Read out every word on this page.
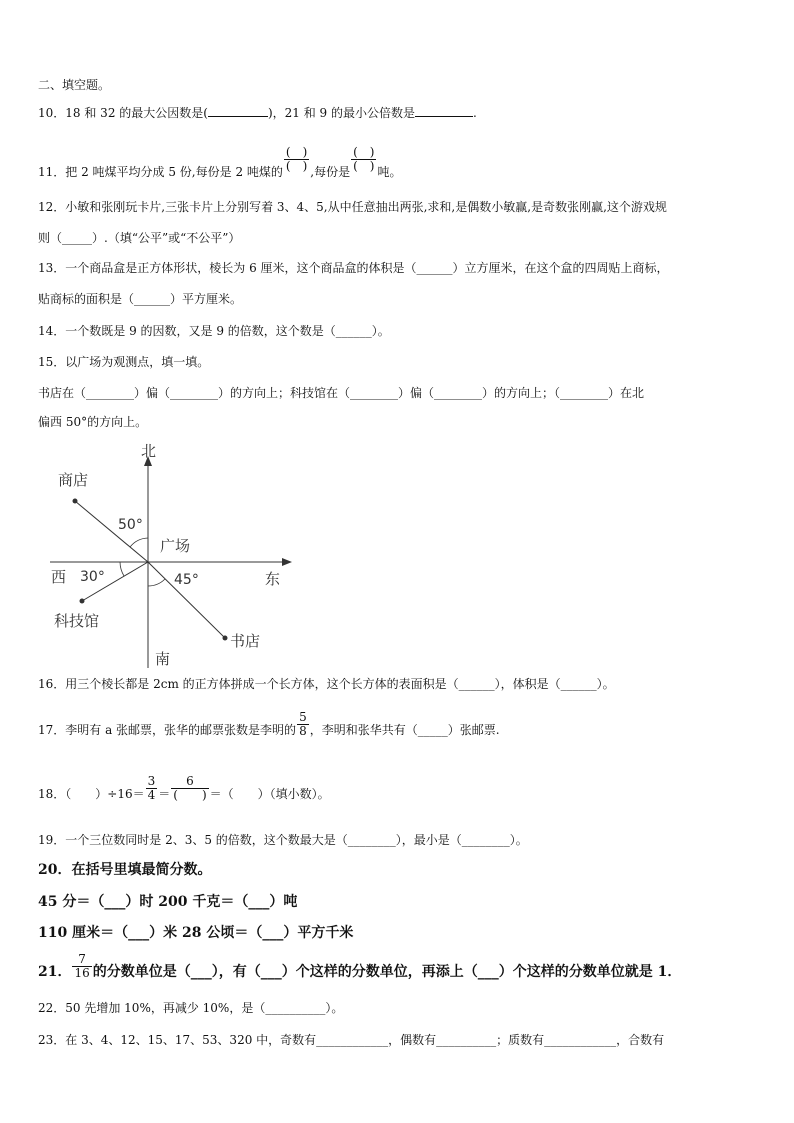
二、填空题。
10．18 和 32 的最大公因数是(	)，21 和 9 的最小公倍数是	.
11．把 2 吨煤平均分成 5 份,每份是 2 吨煤的 $\frac{( )}{( )}$ ,每份是 $\frac{( )}{( )}$ 吨。
12．小敏和张刚玩卡片,三张卡片上分别写着 3、4、5,从中任意抽出两张,求和,是偶数小敏赢,是奇数张刚赢,这个游戏规
则（_____）.（填“公平”或“不公平”）
13．一个商品盒是正方体形状，棱长为 6 厘米，这个商品盒的体积是（______）立方厘米，在这个盒的四周贴上商标，
贴商标的面积是（______）平方厘米。
14．一个数既是 9 的因数，又是 9 的倍数，这个数是（______）。
15．以广场为观测点，填一填。
书店在（________）偏（________）的方向上；科技馆在（________）偏（________）的方向上；（________）在北
偏西 50°的方向上。
北
南
东
西
广场
商店
科技馆
书店
50°
30°	45°
16．用三个棱长都是 2cm 的正方体拼成一个长方体，这个长方体的表面积是（______），体积是（______）。
17．李明有 a 张邮票，张华的邮票张数是李明的 $\frac{5}{8}$ ，李明和张华共有（_____）张邮票.
18．（　　）$\div 16= \frac{3}{4} = \frac{6}{( )}$ ＝（　　）（填小数）。
19．一个三位数同时是 2、3、5 的倍数，这个数最大是（________），最小是（________）。
20．在括号里填最简分数。
45 分＝（___）时 200 千克＝（___）吨
110 厘米＝（___）米 28 公顷＝（___）平方千米
21． $\frac{7}{16}$ 的分数单位是（___），有（___）个这样的分数单位，再添上（___）个这样的分数单位就是 1．
22．50 先增加 10%，再减少 10%，是（__________）。
23．在 3、4、12、15、17、53、320 中，奇数有____________，偶数有__________；质数有____________，合数有
